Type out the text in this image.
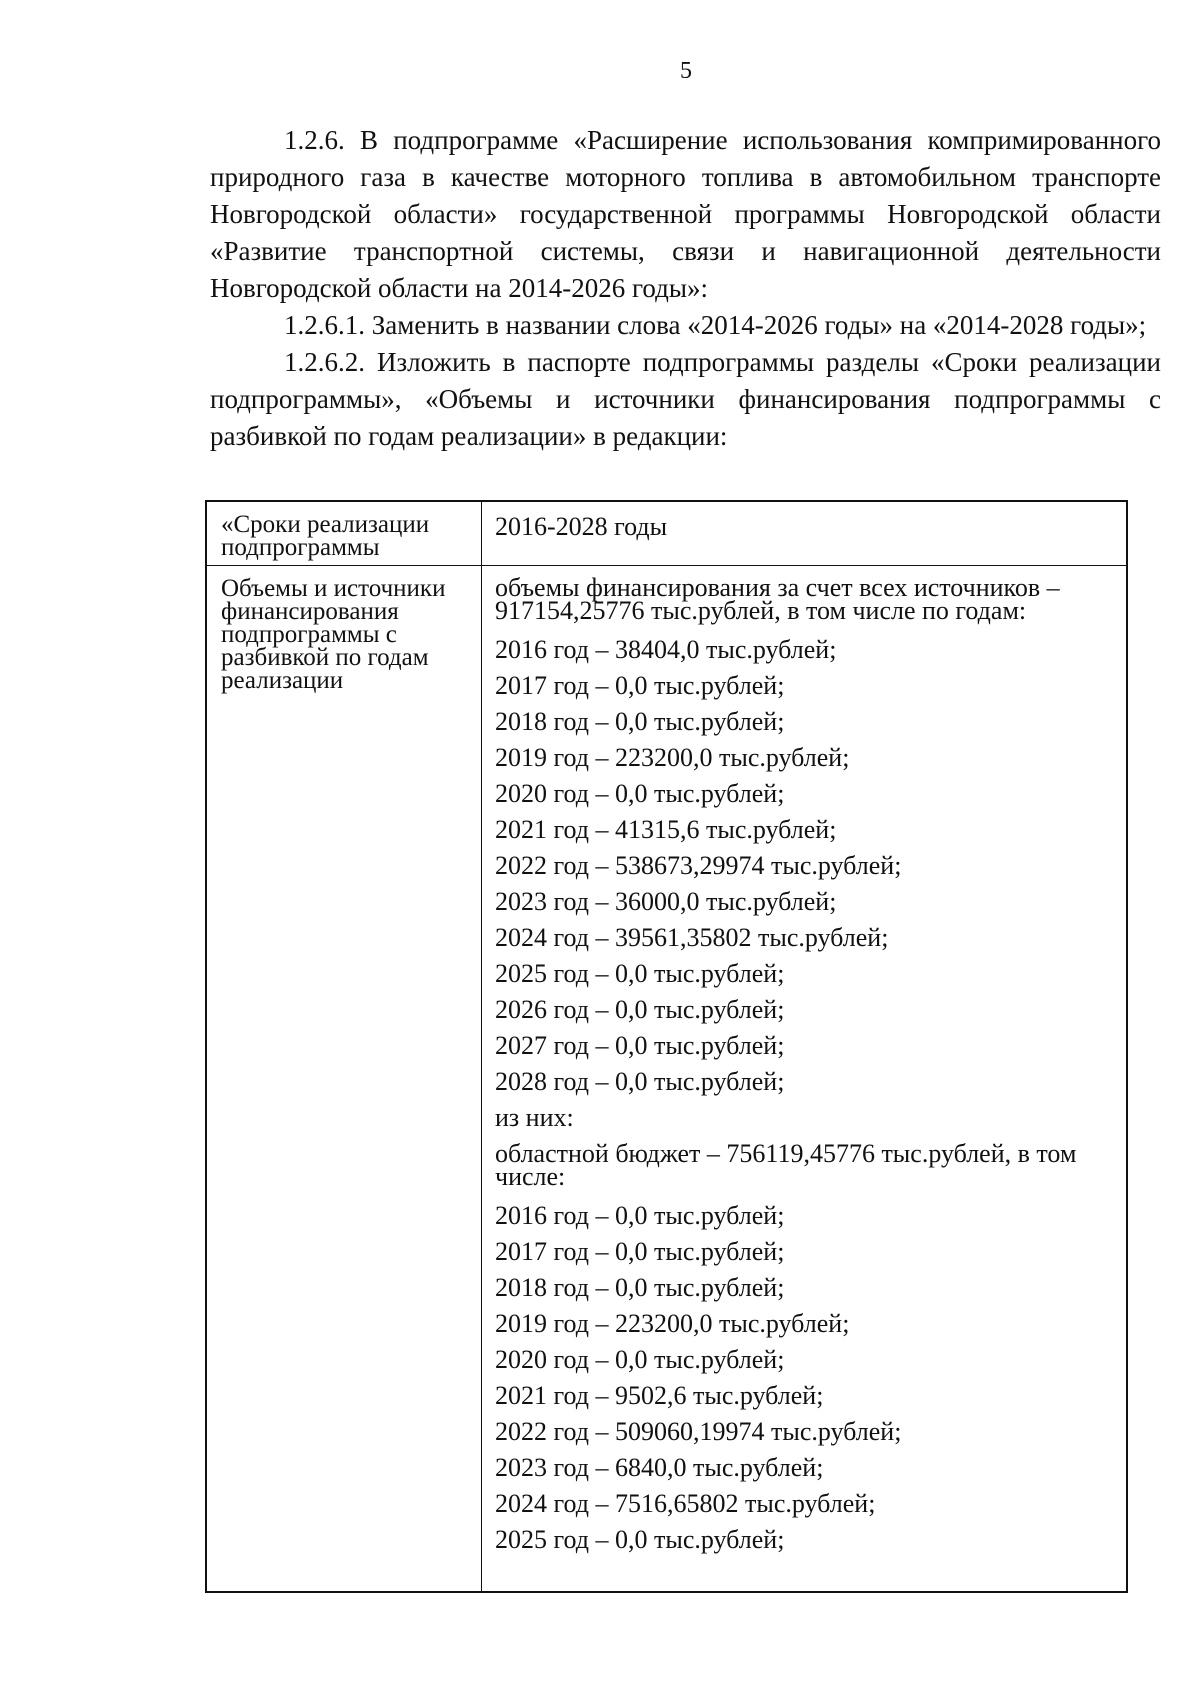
5

1.2.6. В подпрограмме «Расширение использования компримированного природного газа в качестве моторного топлива в автомобильном транспорте Новгородской области» государственной программы Новгородской области «Развитие транспортной системы, связи и навигационной деятельности Новгородской области на 2014-2026 годы»:

1.2.6.1. Заменить в названии слова «2014-2026 годы» на «2014-2028 годы»;

1.2.6.2. Изложить в паспорте подпрограммы разделы «Сроки реализации подпрограммы», «Объемы и источники финансирования подпрограммы с разбивкой по годам реализации» в редакции:

«Сроки реализации подпрограммы
2016-2028 годы
Объемы и источники финансирования подпрограммы с разбивкой по годам реализации
объемы финансирования за счет всех источников – 917154,25776 тыс.рублей, в том числе по годам:
2016 год – 38404,0 тыс.рублей;
2017 год – 0,0 тыс.рублей;
2018 год – 0,0 тыс.рублей;
2019 год – 223200,0 тыс.рублей;
2020 год – 0,0 тыс.рублей;
2021 год – 41315,6 тыс.рублей;
2022 год – 538673,29974 тыс.рублей;
2023 год – 36000,0 тыс.рублей;
2024 год – 39561,35802 тыс.рублей;
2025 год – 0,0 тыс.рублей;
2026 год – 0,0 тыс.рублей;
2027 год – 0,0 тыс.рублей;
2028 год – 0,0 тыс.рублей;
из них:
областной бюджет – 756119,45776 тыс.рублей, в том числе:
2016 год – 0,0 тыс.рублей;
2017 год – 0,0 тыс.рублей;
2018 год – 0,0 тыс.рублей;
2019 год – 223200,0 тыс.рублей;
2020 год – 0,0 тыс.рублей;
2021 год – 9502,6 тыс.рублей;
2022 год – 509060,19974 тыс.рублей;
2023 год – 6840,0 тыс.рублей;
2024 год – 7516,65802 тыс.рублей;
2025 год – 0,0 тыс.рублей;
